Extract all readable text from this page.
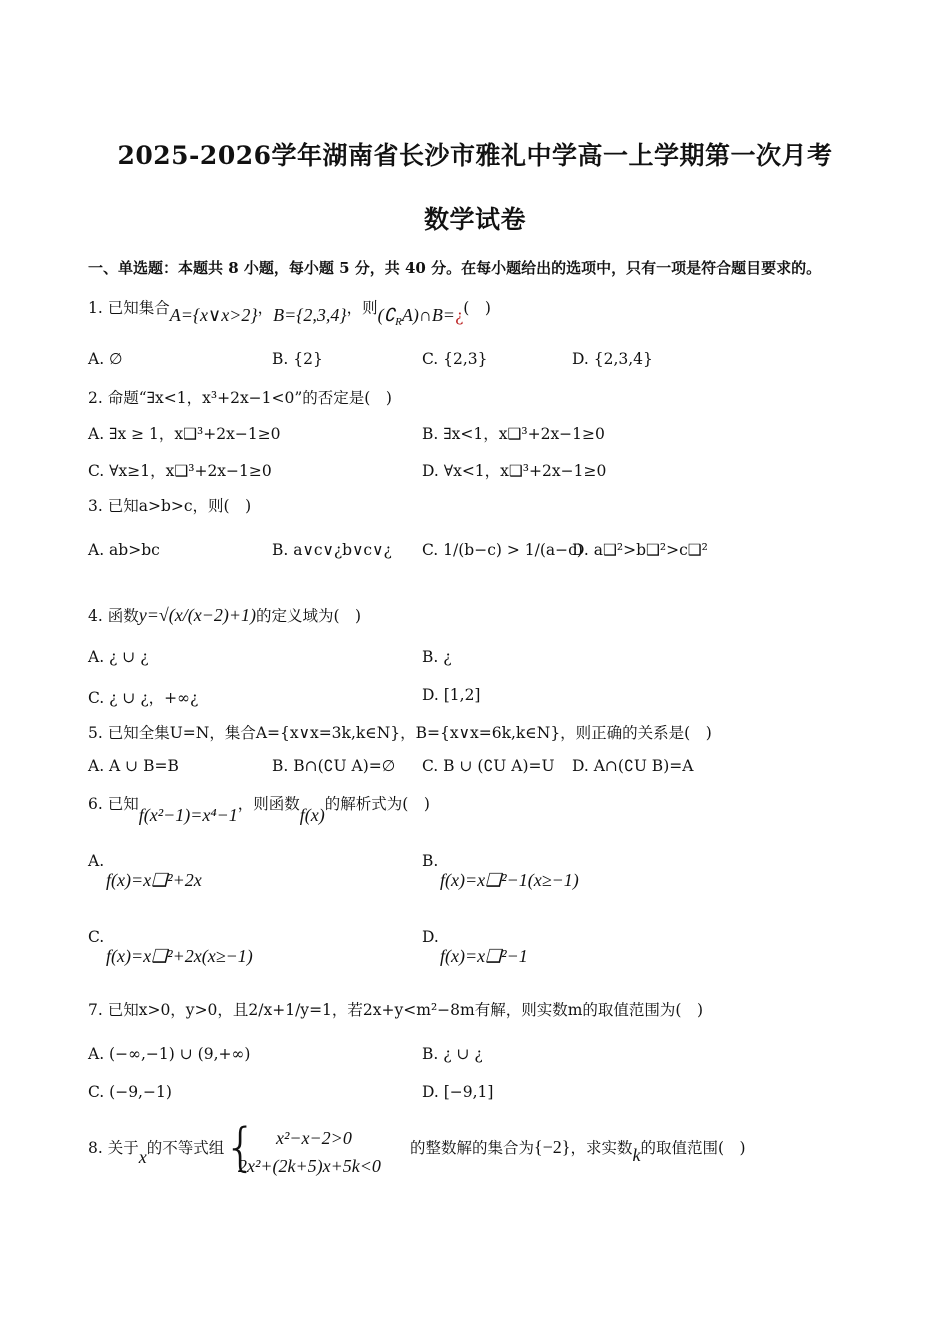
2025-2026学年湖南省长沙市雅礼中学高一上学期第一次月考
数学试卷
一、单选题：本题共 8 小题，每小题 5 分，共 40 分。在每小题给出的选项中，只有一项是符合题目要求的。
1. 已知集合A={x∨x>2}，B={2,3,4}，则$(∁_RA)\cap B=¿$(　)
A. ∅	B. {2}	C. {2,3}	D. {2,3,4}
2. 命题“∃x<1，x³+2x−1<0”的否定是(　)
A. ∃x ≥ 1，x❑³+2x−1≥0	B. ∃x<1，x❑³+2x−1≥0
C. ∀x≥1，x❑³+2x−1≥0	D. ∀x<1，x❑³+2x−1≥0
3. 已知a>b>c，则(　)
A. ab>bc	B. a∨c∨¿b∨c∨¿ C. 1/(b−c) > 1/(a−c)
D. a❑²>b❑²>c❑²
4. 函数y=√(x/(x−2)+1)的定义域为(　)
A. ¿ ∪ ¿	B. ¿
C. ¿ ∪ ¿，+∞¿	D. [1,2]
5. 已知全集U=N，集合A={x∨x=3k,k∈N}，B={x∨x=6k,k∈N}，则正确的关系是(　)
A. A ∪ B=B	B. B∩(∁U A)=∅ C. B ∪ (∁U A)=U D. A∩(∁U B)=A
6. 已知f(x²−1)=x⁴−1，则函数f(x)的解析式为(　)
A.
f(x)=x❑²+2x
B.
f(x)=x❑²−1(x≥−1)
C.
f(x)=x❑²+2x(x≥−1)
D.
f(x)=x❑²−1
7. 已知x>0，y>0，且2/x+1/y=1，若2x+y<m²−8m有解，则实数m的取值范围为(　)
A. (−∞,−1) ∪ (9,+∞)	B. ¿ ∪ ¿
C. (−9,−1)	D. [−9,1]
8. 关于x的不等式组 { x²−x−2>0
2x²+(2k+5)x+5k<0
的整数解的集合为{−2}，求实数k的取值范围(　)
